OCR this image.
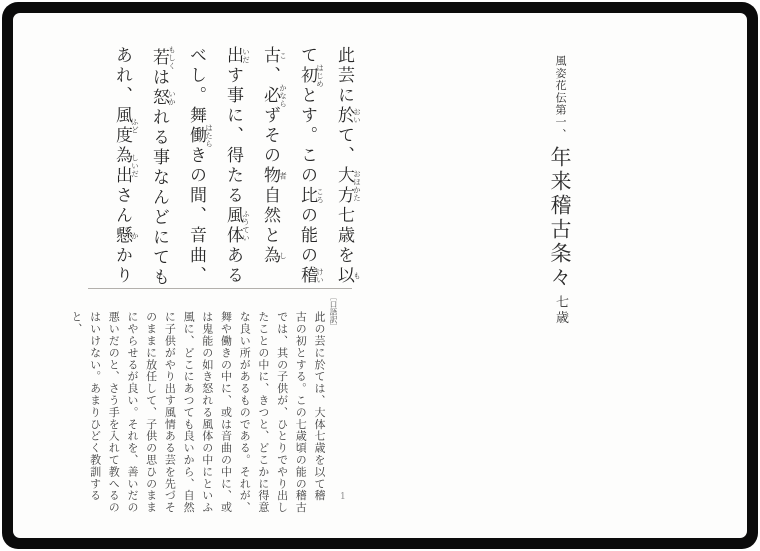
風姿花伝第一、 年来稽古条々 七歳
此芸に於おいて、大方おほかた七歳を以も
て初はじめとす。この比ころの能の稽けい
古こ、必かならずその物者自然と為し
出いだす事に、得たる風体ふうていある
べし。舞働はたらきの間、音曲、
若もしくは怒いかれる事なんどにても
あれ、風度ふど為出しいださん懸かかり
〔口語訳〕
此の芸に於ては、大体七歳を以て稽
古の初とする。この七歳頃の能の稽古
では、其の子供が、ひとりでやり出し
たことの中に、きつと、どこかに得意
な良い所があるものである。それが、
舞や働きの中に、或は音曲の中に、或
は鬼能の如き怒れる風体の中にといふ
風に、どこにあつても良いから、自然
に子供がやり出す風情ある芸を先づそ
のままに放任して、子供の思ひのまま
にやらせるが良い。それを、善いだの
悪いだのと、さう手を入れて教へるの
はいけない。あまりひどく教訓すると、
1
